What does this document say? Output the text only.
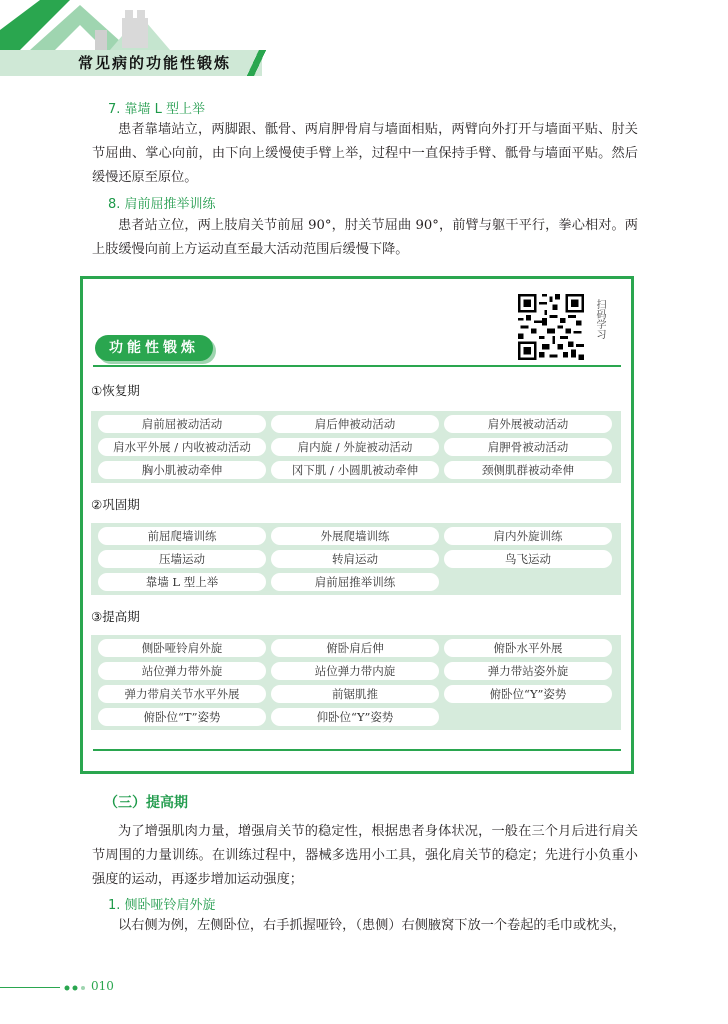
常见病的功能性锻炼
7. 靠墙 L 型上举

患者靠墙站立，两脚跟、骶骨、两肩胛骨肩与墙面相贴，两臂向外打开与墙面平贴、肘关节屈曲、掌心向前，由下向上缓慢使手臂上举，过程中一直保持手臂、骶骨与墙面平贴。然后缓慢还原至原位。

8. 肩前屈推举训练

患者站立位，两上肢肩关节前屈 90°，肘关节屈曲 90°，前臂与躯干平行，拳心相对。两上肢缓慢向前上方运动直至最大活动范围后缓慢下降。

扫码学习
功能性锻炼
①恢复期
肩前屈被动活动	肩后伸被动活动	肩外展被动活动
肩水平外展 / 内收被动活动	肩内旋 / 外旋被动活动	肩胛骨被动活动
胸小肌被动牵伸	冈下肌 / 小圆肌被动牵伸	颈侧肌群被动牵伸
②巩固期
前屈爬墙训练	外展爬墙训练	肩内外旋训练
压墙运动	转肩运动	鸟飞运动
靠墙 L 型上举	肩前屈推举训练
③提高期
侧卧哑铃肩外旋	俯卧肩后伸	俯卧水平外展
站位弹力带外旋	站位弹力带内旋	弹力带站姿外旋
弹力带肩关节水平外展	前锯肌推	俯卧位“Y”姿势
俯卧位“T”姿势	仰卧位“Y”姿势
（三）提高期

为了增强肌肉力量，增强肩关节的稳定性，根据患者身体状况，一般在三个月后进行肩关节周围的力量训练。在训练过程中，器械多选用小工具，强化肩关节的稳定；先进行小负重小强度的运动，再逐步增加运动强度；

1. 侧卧哑铃肩外旋

以右侧为例，左侧卧位，右手抓握哑铃，（患侧）右侧腋窝下放一个卷起的毛巾或枕头，

010
